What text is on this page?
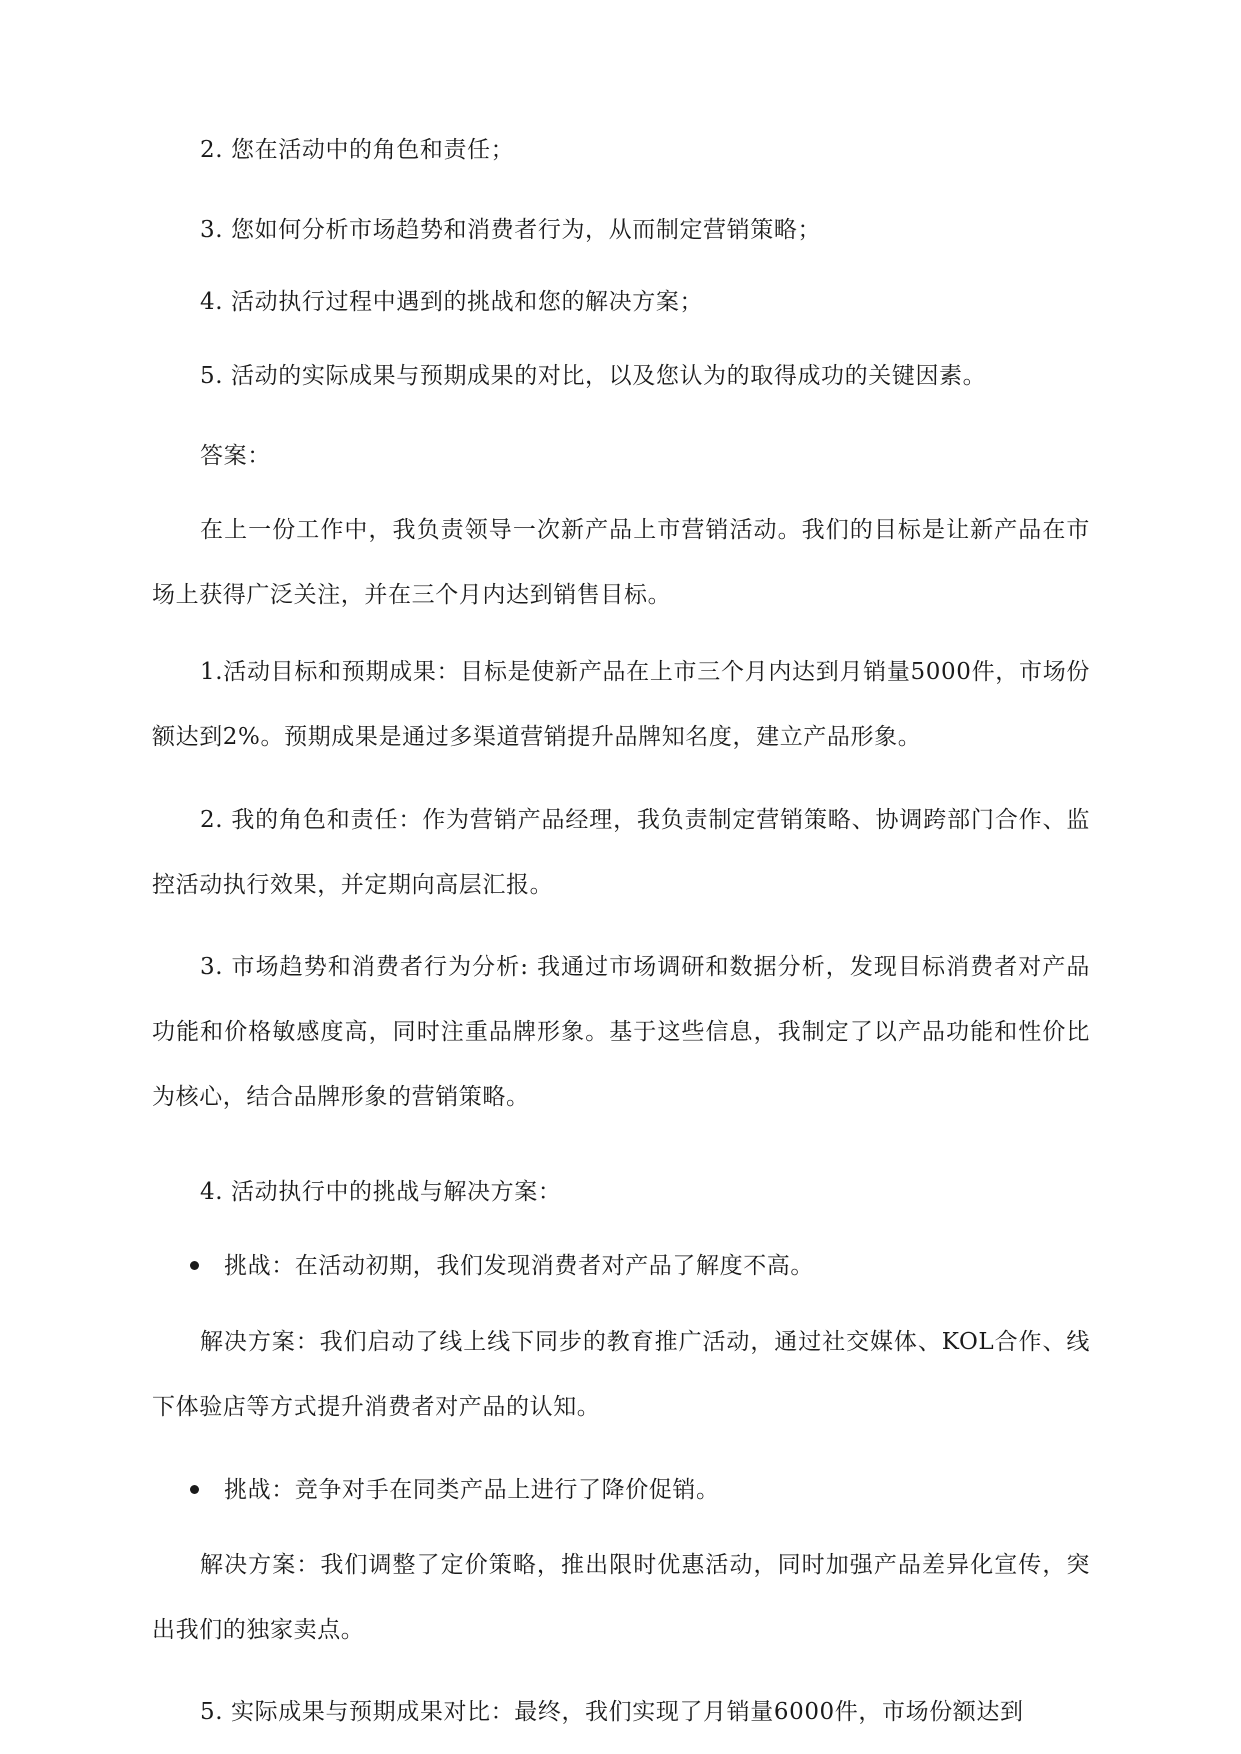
2. 您在活动中的角色和责任；

3. 您如何分析市场趋势和消费者行为，从而制定营销策略；

4. 活动执行过程中遇到的挑战和您的解决方案；

5. 活动的实际成果与预期成果的对比，以及您认为的取得成功的关键因素。

答案：

在上一份工作中，我负责领导一次新产品上市营销活动。我们的目标是让新产品在市场上获得广泛关注，并在三个月内达到销售目标。

1.活动目标和预期成果：目标是使新产品在上市三个月内达到月销量5000件，市场份额达到2%。预期成果是通过多渠道营销提升品牌知名度，建立产品形象。

2. 我的角色和责任：作为营销产品经理，我负责制定营销策略、协调跨部门合作、监控活动执行效果，并定期向高层汇报。

3. 市场趋势和消费者行为分析: 我通过市场调研和数据分析，发现目标消费者对产品功能和价格敏感度高，同时注重品牌形象。基于这些信息，我制定了以产品功能和性价比为核心，结合品牌形象的营销策略。

4. 活动执行中的挑战与解决方案：

挑战：在活动初期，我们发现消费者对产品了解度不高。

解决方案：我们启动了线上线下同步的教育推广活动，通过社交媒体、KOL合作、线下体验店等方式提升消费者对产品的认知。

挑战：竞争对手在同类产品上进行了降价促销。

解决方案：我们调整了定价策略，推出限时优惠活动，同时加强产品差异化宣传，突出我们的独家卖点。

5. 实际成果与预期成果对比：最终，我们实现了月销量6000件，市场份额达到
